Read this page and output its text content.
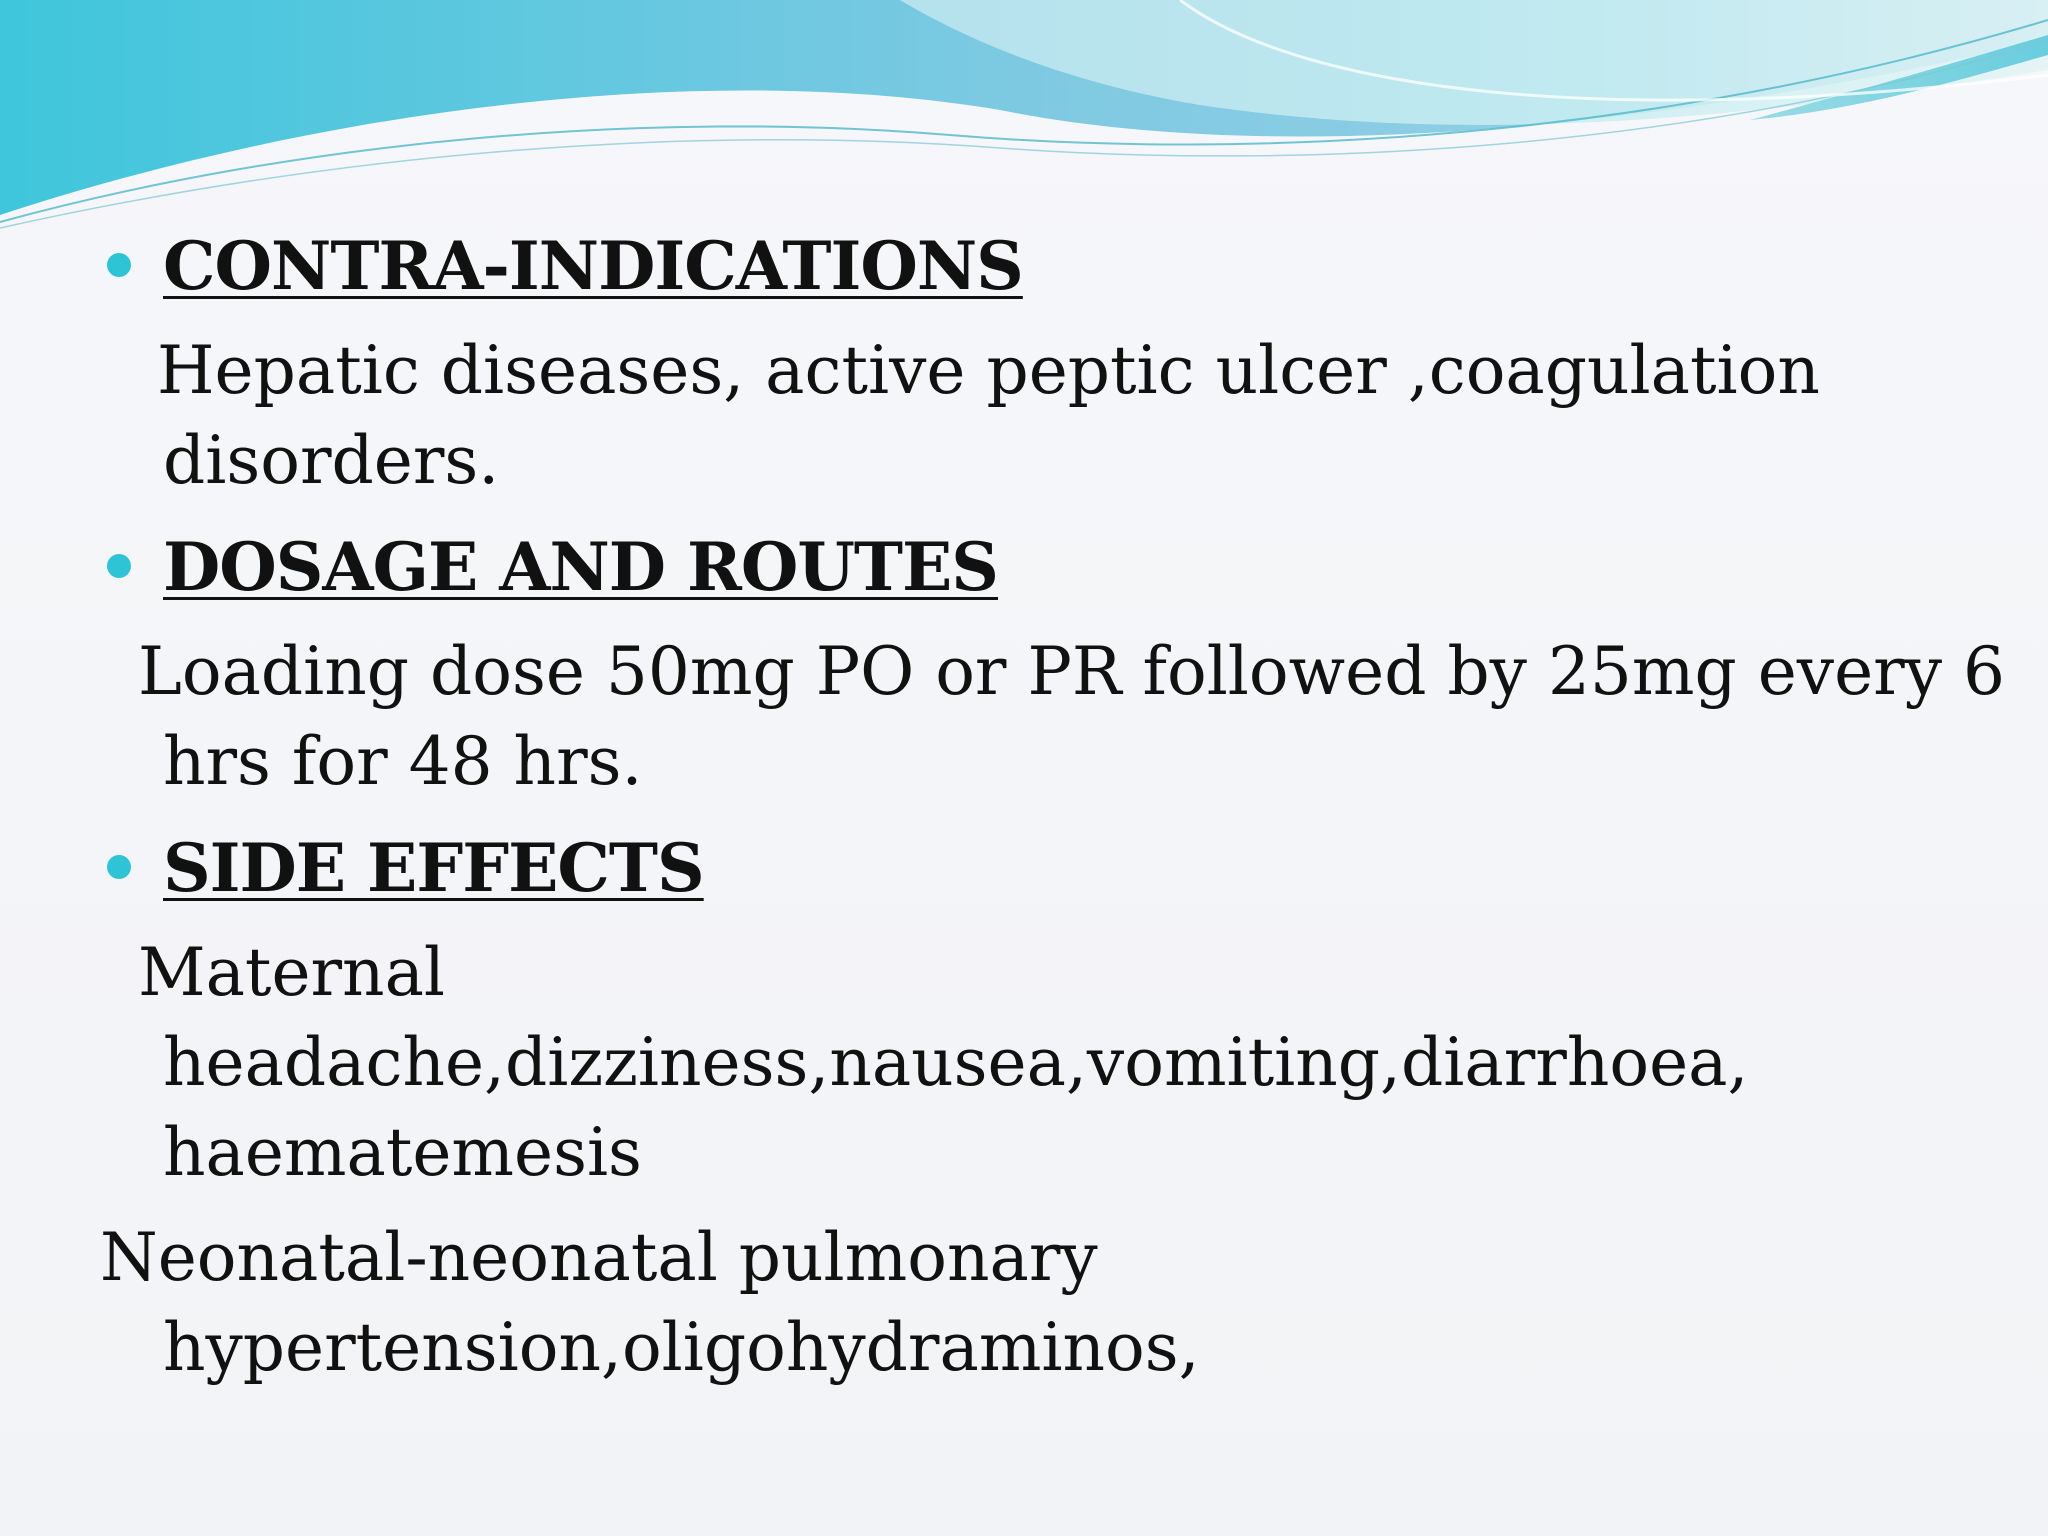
CONTRA-INDICATIONS
Hepatic diseases, active peptic ulcer ,coagulation
disorders.
DOSAGE AND ROUTES
Loading dose 50mg PO or PR followed by 25mg every 6
hrs for 48 hrs.
SIDE EFFECTS
Maternal
headache,dizziness,nausea,vomiting,diarrhoea,
haematemesis
Neonatal-neonatal pulmonary
hypertension,oligohydraminos,
